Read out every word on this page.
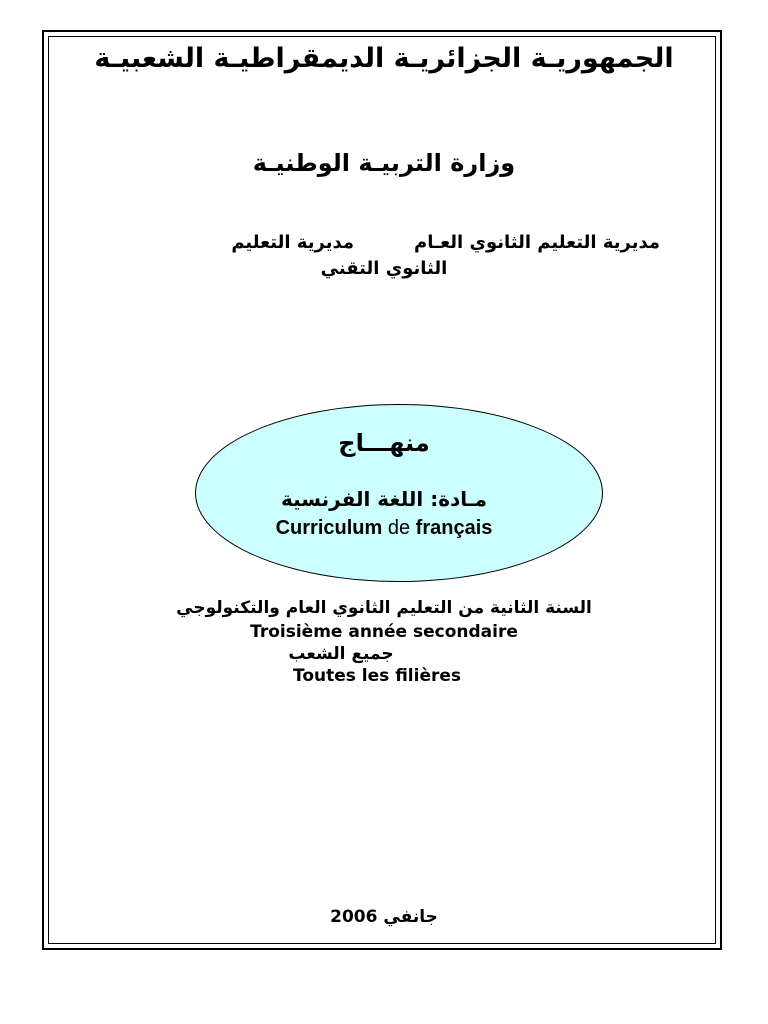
الجمهوريـة الجزائريـة الديمقراطيـة الشعبيـة
وزارة التربيـة الوطنيـة
مديرية التعليم الثانوي العـاممديرية التعليم
الثانوي التقني
منهـــاج
مـادة: اللغة الفرنسية
Curriculum de français
السنة الثانية من التعليم الثانوي العام والتكنولوجي
Troisième année secondaire
جميع الشعب
Toutes les filières
جانفي 2006
